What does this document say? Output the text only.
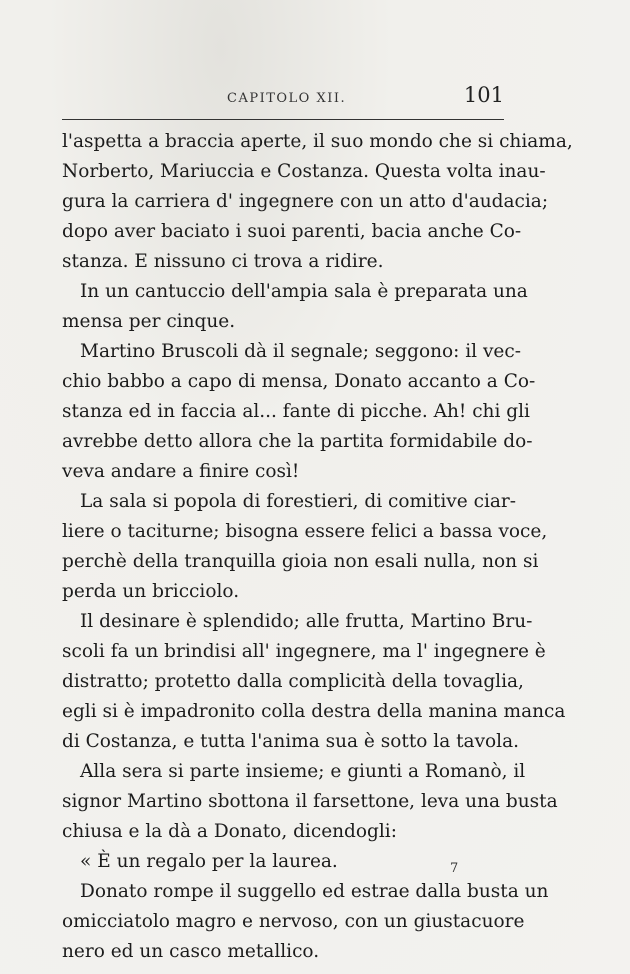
CAPITOLO XII.	101
l'aspetta a braccia aperte, il suo mondo che si chiama,
Norberto, Mariuccia e Costanza. Questa volta inau-
gura la carriera d' ingegnere con un atto d'audacia;
dopo aver baciato i suoi parenti, bacia anche Co-
stanza. E nissuno ci trova a ridire.
In un cantuccio dell'ampia sala è preparata una
mensa per cinque.
Martino Bruscoli dà il segnale; seggono: il vec-
chio babbo a capo di mensa, Donato accanto a Co-
stanza ed in faccia al... fante di picche. Ah! chi gli
avrebbe detto allora che la partita formidabile do-
veva andare a finire così!
La sala si popola di forestieri, di comitive ciar-
liere o taciturne; bisogna essere felici a bassa voce,
perchè della tranquilla gioia non esali nulla, non si
perda un bricciolo.
Il desinare è splendido; alle frutta, Martino Bru-
scoli fa un brindisi all' ingegnere, ma l' ingegnere è
distratto; protetto dalla complicità della tovaglia,
egli si è impadronito colla destra della manina manca
di Costanza, e tutta l'anima sua è sotto la tavola.
Alla sera si parte insieme; e giunti a Romanò, il
signor Martino sbottona il farsettone, leva una busta
chiusa e la dà a Donato, dicendogli:
« È un regalo per la laurea.
Donato rompe il suggello ed estrae dalla busta un
omicciatolo magro e nervoso, con un giustacuore
nero ed un casco metallico.
7
